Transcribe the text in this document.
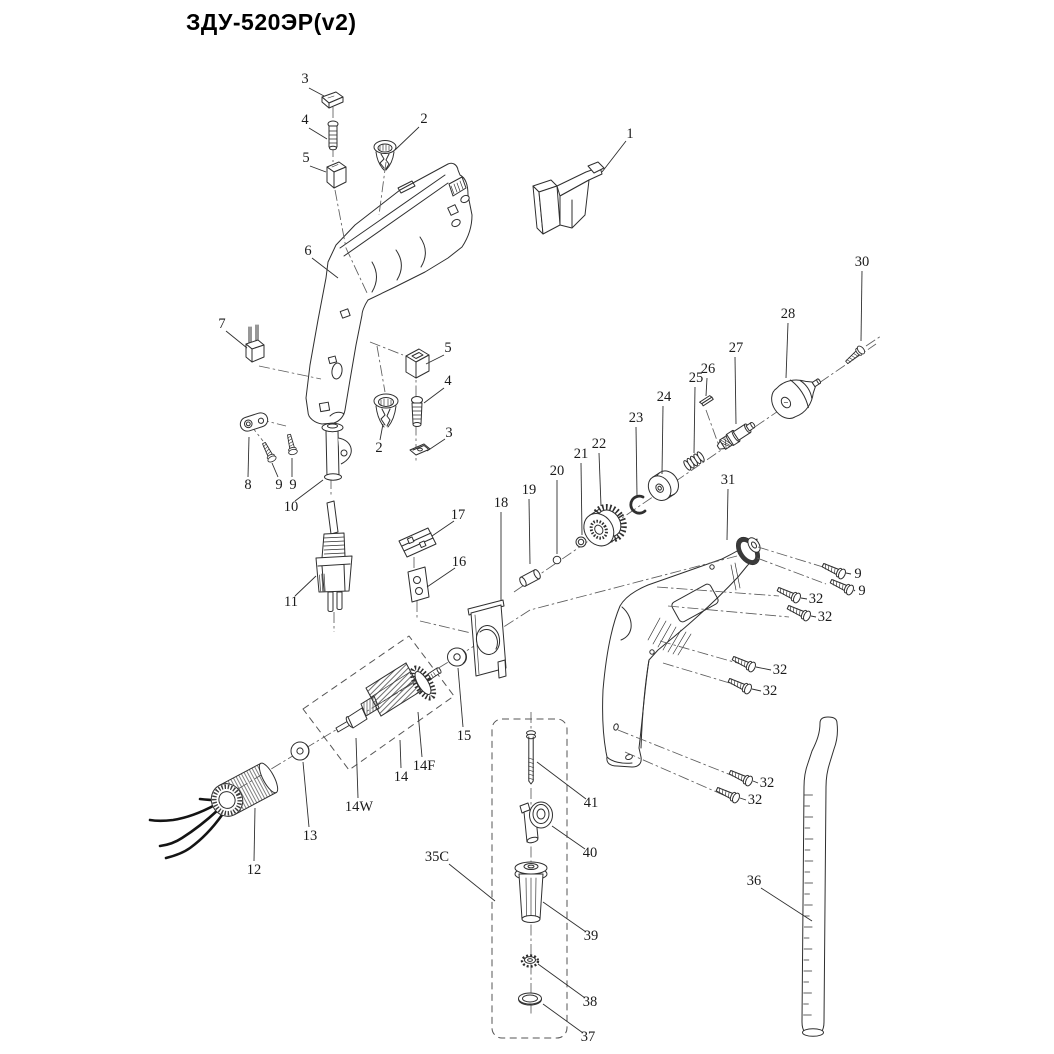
ЗДУ-520ЭР(v2)
3
4	2
5
1
6
30
28
27
26
25
24
23
22
21
20
19
18
17
16
7
5
4
3
2
8 9 9
10
11
12
13
14W
14
14F
15
35C
41
40
39
38
37
31
9
9
32
32
32
32
32
32
36
